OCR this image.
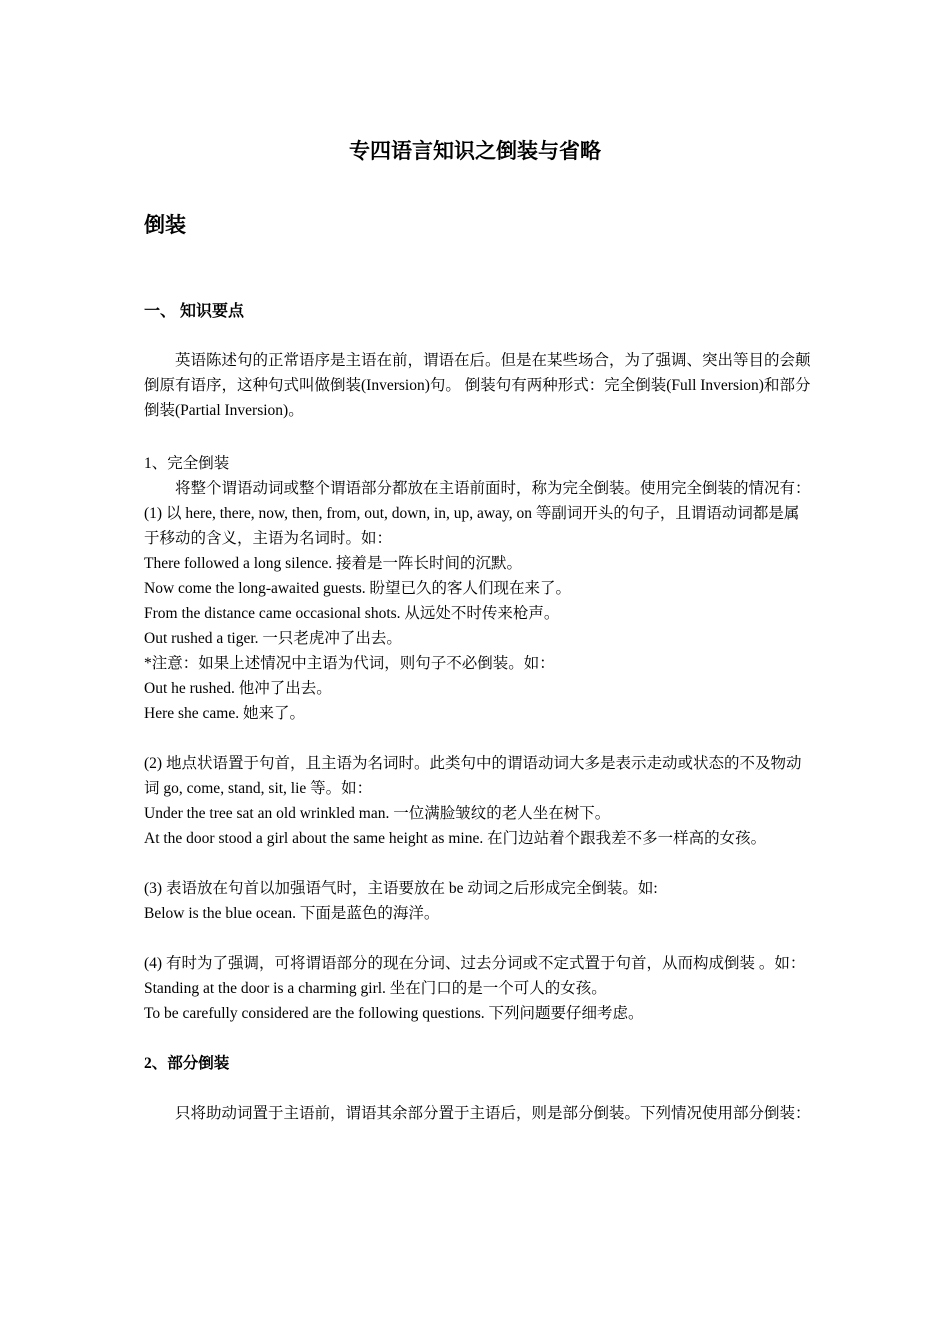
专四语言知识之倒装与省略
倒装
一、 知识要点

英语陈述句的正常语序是主语在前，谓语在后。但是在某些场合，为了强调、突出等目的会颠倒原有语序，这种句式叫做倒装(Inversion)句。 倒装句有两种形式：完全倒装(Full Inversion)和部分倒装(Partial Inversion)。

1、完全倒装

将整个谓语动词或整个谓语部分都放在主语前面时，称为完全倒装。使用完全倒装的情况有：

(1) 以 here, there, now, then, from, out, down, in, up, away, on 等副词开头的句子，且谓语动词都是属于移动的含义，主语为名词时。如：

There followed a long silence. 接着是一阵长时间的沉默。

Now come the long-awaited guests. 盼望已久的客人们现在来了。

From the distance came occasional shots. 从远处不时传来枪声。

Out rushed a tiger. 一只老虎冲了出去。

*注意：如果上述情况中主语为代词，则句子不必倒装。如：

Out he rushed. 他冲了出去。

Here she came. 她来了。

(2) 地点状语置于句首，且主语为名词时。此类句中的谓语动词大多是表示走动或状态的不及物动词 go, come, stand, sit, lie 等。如：

Under the tree sat an old wrinkled man. 一位满脸皱纹的老人坐在树下。

At the door stood a girl about the same height as mine. 在门边站着个跟我差不多一样高的女孩。

(3) 表语放在句首以加强语气时，主语要放在 be 动词之后形成完全倒装。如:

Below is the blue ocean. 下面是蓝色的海洋。

(4) 有时为了强调，可将谓语部分的现在分词、过去分词或不定式置于句首，从而构成倒装 。如：

Standing at the door is a charming girl. 坐在门口的是一个可人的女孩。

To be carefully considered are the following questions. 下列问题要仔细考虑。

2、部分倒装

只将助动词置于主语前，谓语其余部分置于主语后，则是部分倒装。下列情况使用部分倒装：
